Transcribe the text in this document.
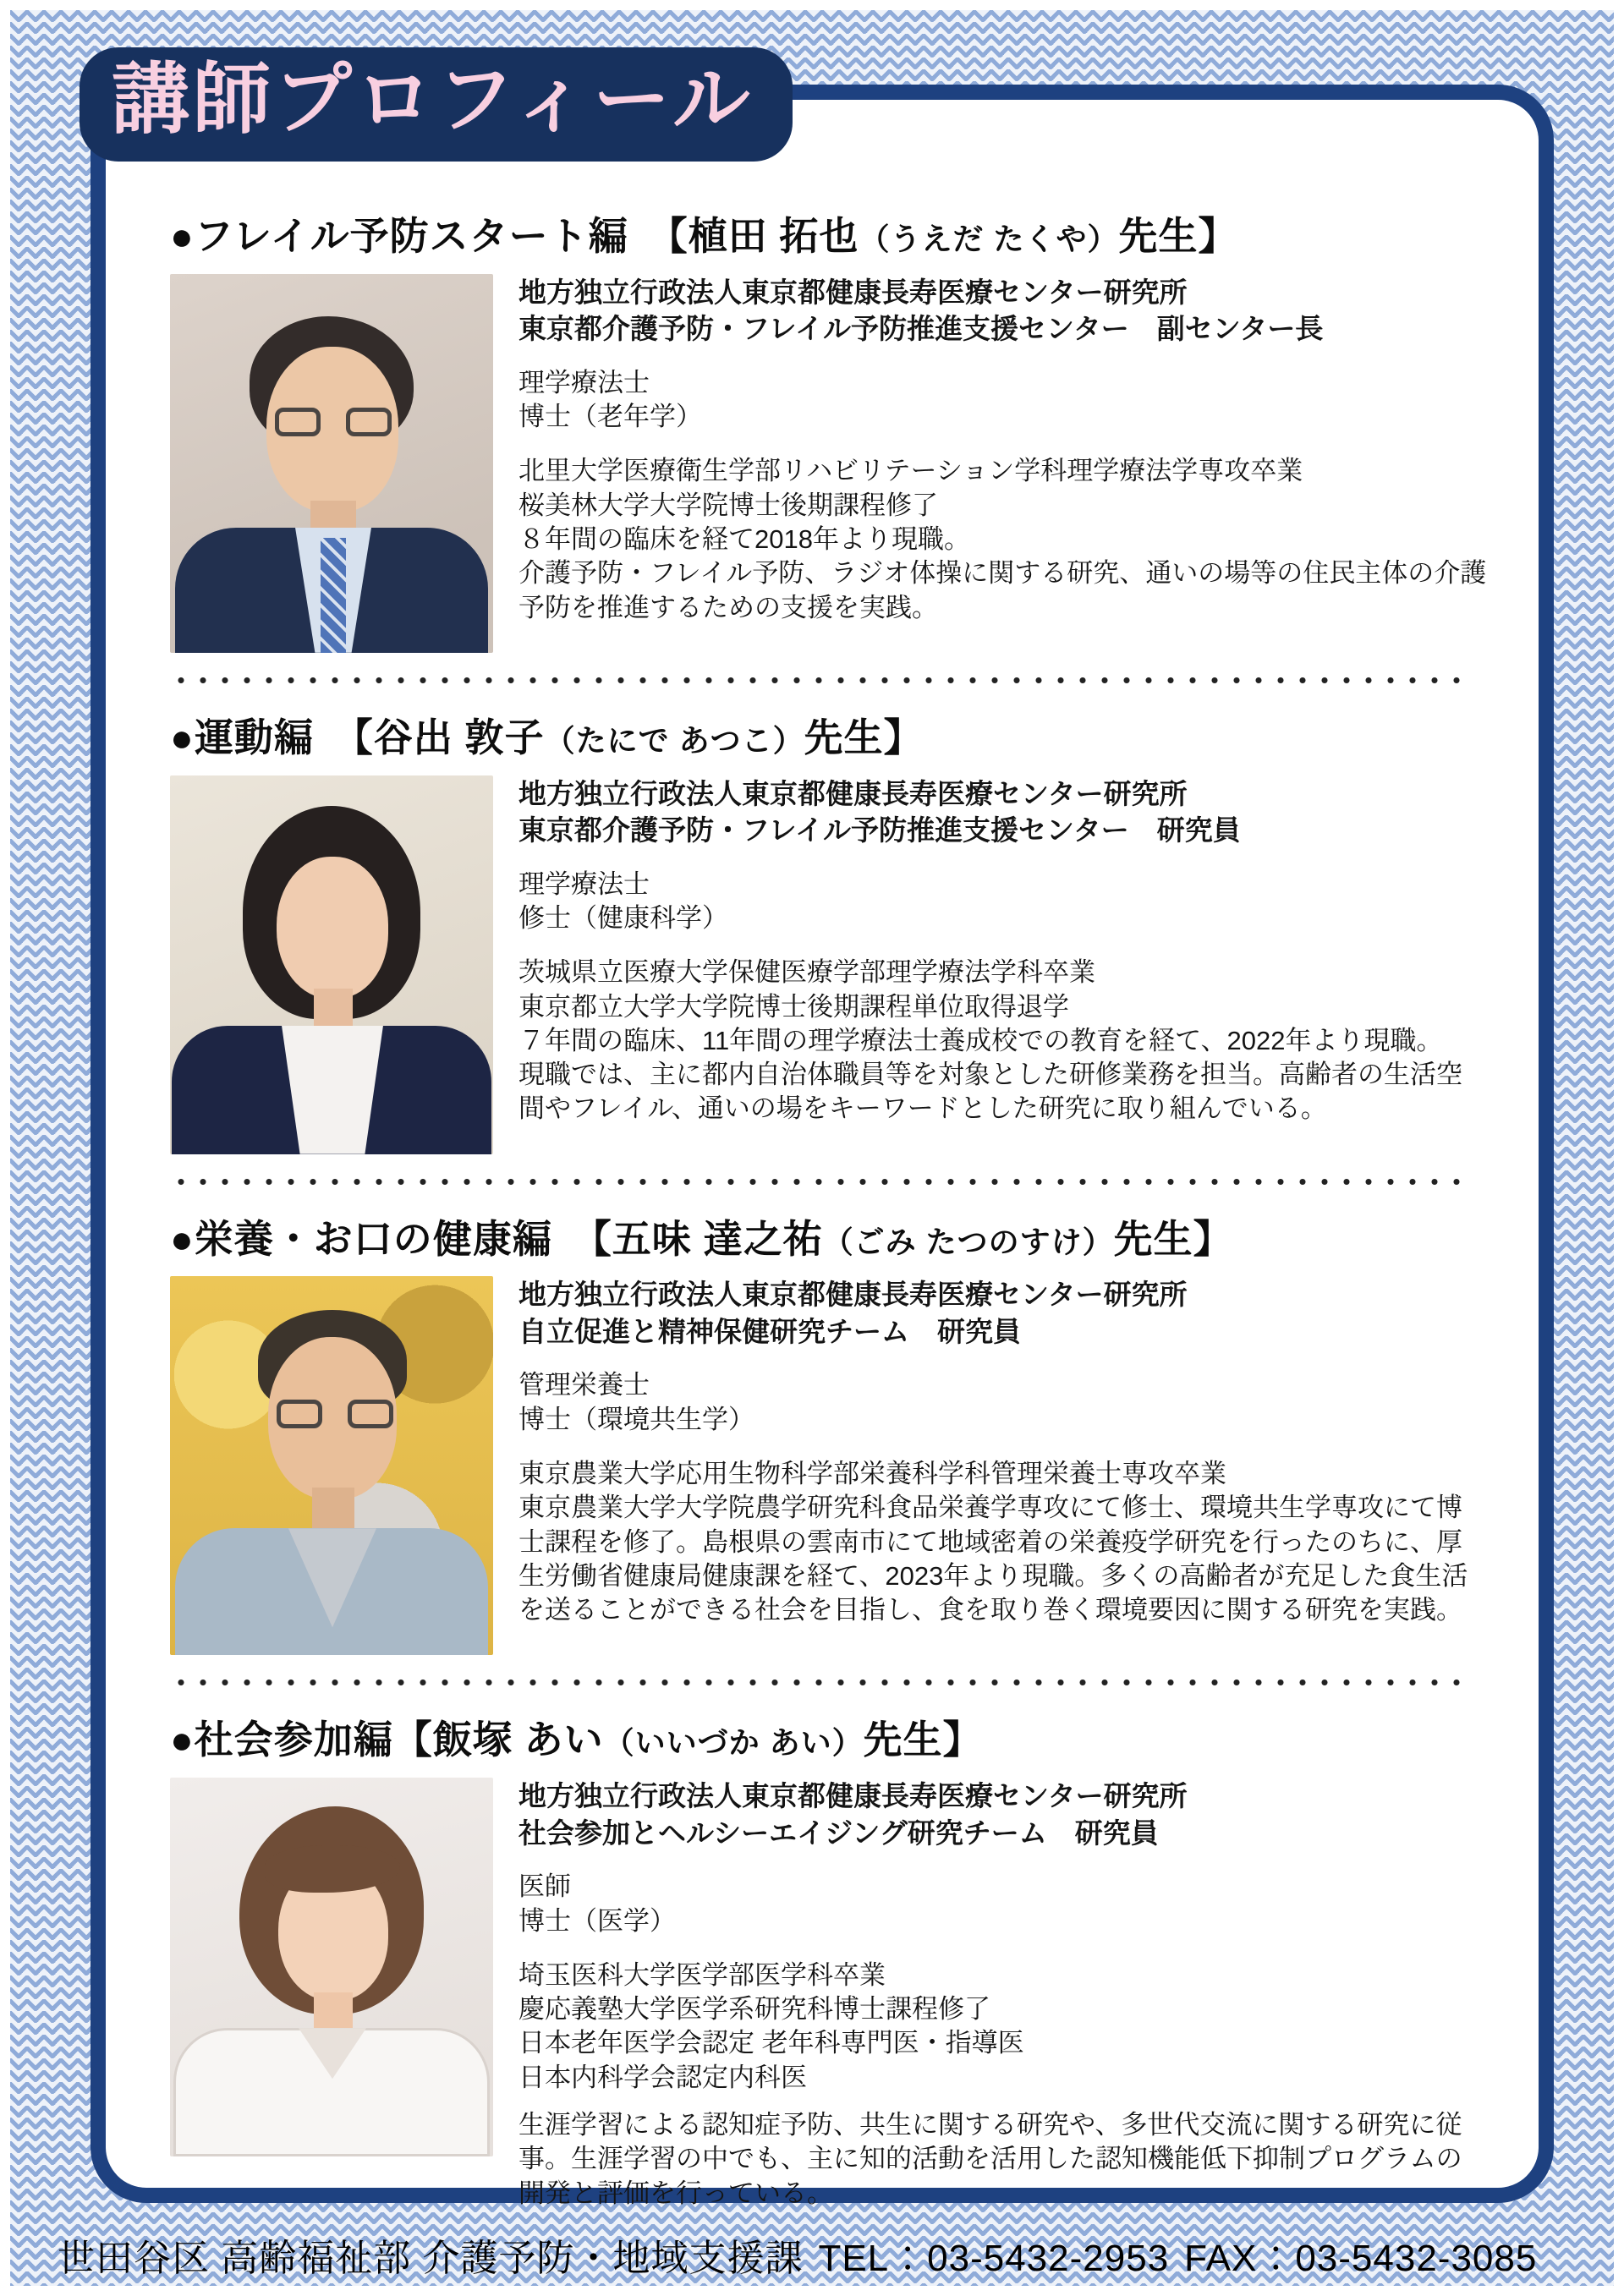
●フレイル予防スタート編　【植田 拓也（うえだ たくや）先生】
地方独立行政法人東京都健康長寿医療センター研究所
東京都介護予防・フレイル予防推進支援センター　副センター長
理学療法士
博士（老年学）
北里大学医療衛生学部リハビリテーション学科理学療法学専攻卒業
桜美林大学大学院博士後期課程修了
８年間の臨床を経て2018年より現職。
介護予防・フレイル予防、ラジオ体操に関する研究、通いの場等の住民主体の介護予防を推進するための支援を実践。
●運動編　【谷出 敦子（たにで あつこ）先生】
地方独立行政法人東京都健康長寿医療センター研究所
東京都介護予防・フレイル予防推進支援センター　研究員
理学療法士
修士（健康科学）
茨城県立医療大学保健医療学部理学療法学科卒業
東京都立大学大学院博士後期課程単位取得退学
７年間の臨床、11年間の理学療法士養成校での教育を経て、2022年より現職。
現職では、主に都内自治体職員等を対象とした研修業務を担当。高齢者の生活空間やフレイル、通いの場をキーワードとした研究に取り組んでいる。
●栄養・お口の健康編　【五味 達之祐（ごみ たつのすけ）先生】
地方独立行政法人東京都健康長寿医療センター研究所
自立促進と精神保健研究チーム　研究員
管理栄養士
博士（環境共生学）
東京農業大学応用生物科学部栄養科学科管理栄養士専攻卒業
東京農業大学大学院農学研究科食品栄養学専攻にて修士、環境共生学専攻にて博士課程を修了。島根県の雲南市にて地域密着の栄養疫学研究を行ったのちに、厚生労働省健康局健康課を経て、2023年より現職。多くの高齢者が充足した食生活を送ることができる社会を目指し、食を取り巻く環境要因に関する研究を実践。
●社会参加編【飯塚 あい（いいづか あい）先生】
地方独立行政法人東京都健康長寿医療センター研究所
社会参加とヘルシーエイジング研究チーム　研究員
医師
博士（医学）
埼玉医科大学医学部医学科卒業
慶応義塾大学医学系研究科博士課程修了
日本老年医学会認定 老年科専門医・指導医
日本内科学会認定内科医
生涯学習による認知症予防、共生に関する研究や、多世代交流に関する研究に従事。生涯学習の中でも、主に知的活動を活用した認知機能低下抑制プログラムの開発と評価を行っている。
講師プロフィール
世田谷区 高齢福祉部 介護予防・地域支援課 TEL：03-5432-2953 FAX：03-5432-3085
